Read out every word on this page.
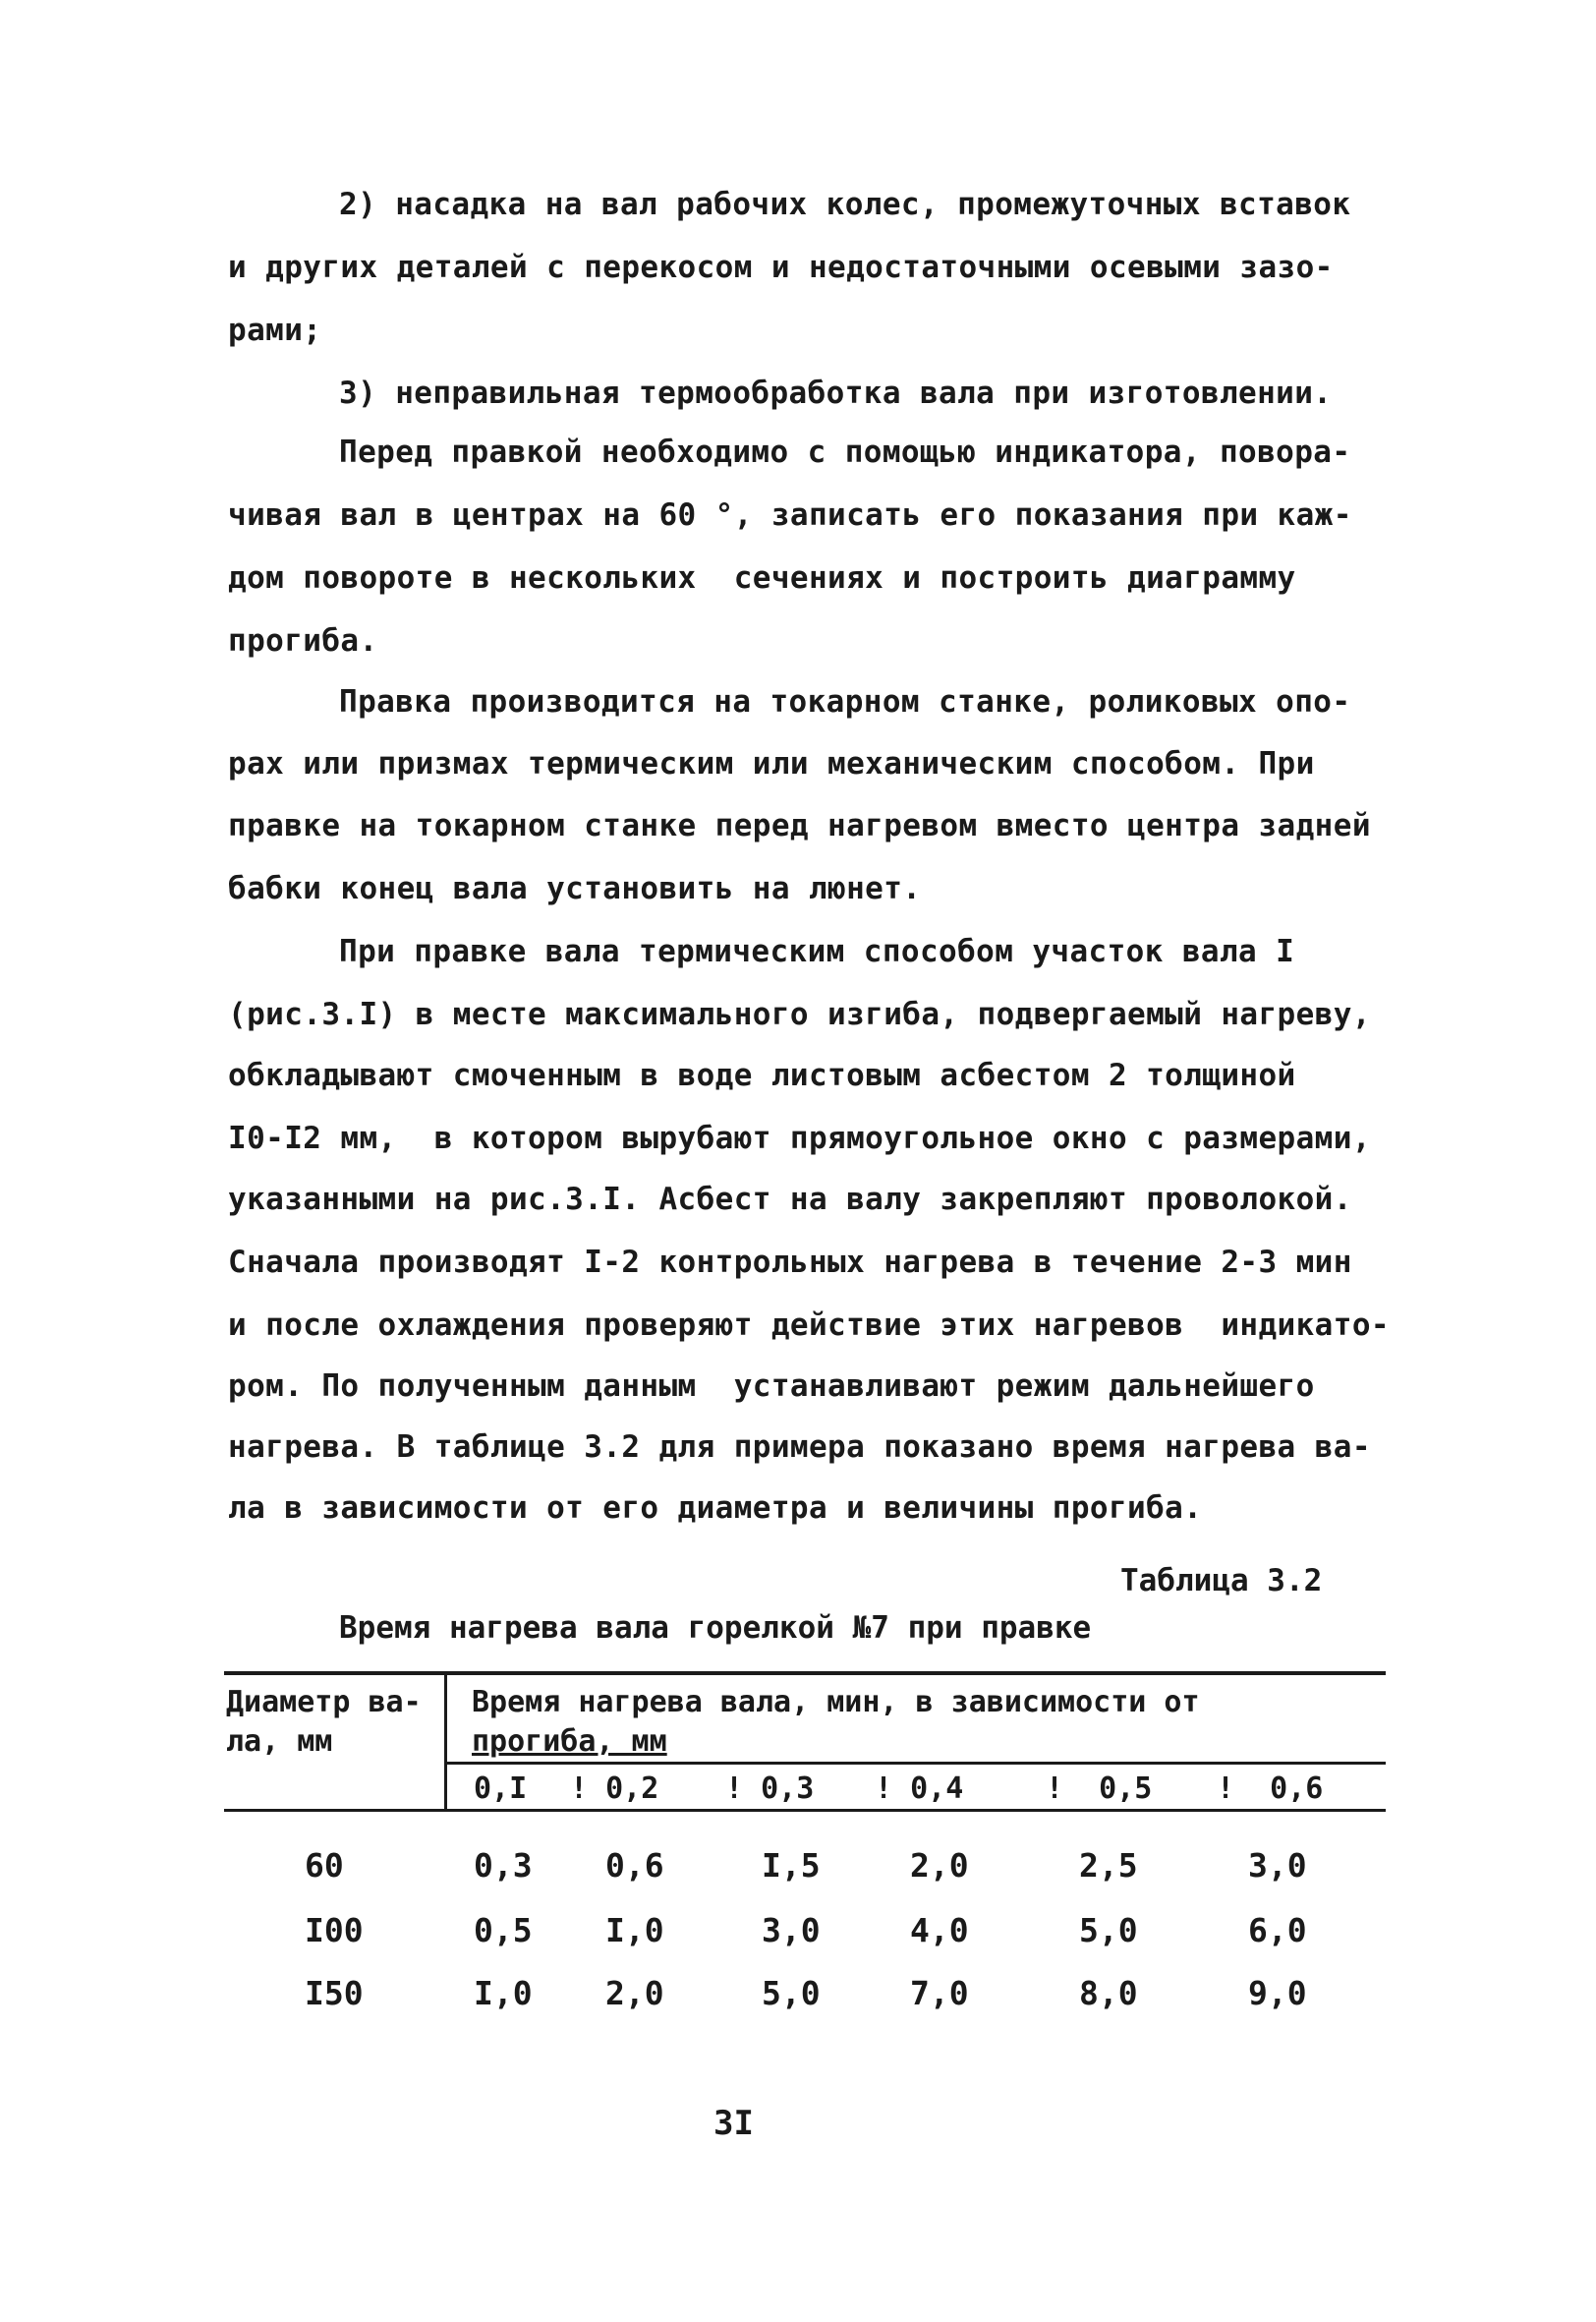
2) насадка на вал рабочих колес, промежуточных вставок
и других деталей с перекосом и недостаточными осевыми зазо-
рами;
3) неправильная термообработка вала при изготовлении.
Перед правкой необходимо с помощью индикатора, повора-
чивая вал в центрах на 60 °, записать его показания при каж-
дом повороте в нескольких  сечениях и построить диаграмму
прогиба.
Правка производится на токарном станке, роликовых опо-
рах или призмах термическим или механическим способом. При
правке на токарном станке перед нагревом вместо центра задней
бабки конец вала установить на люнет.
При правке вала термическим способом участок вала I
(рис.3.I) в месте максимального изгиба, подвергаемый нагреву,
обкладывают смоченным в воде листовым асбестом 2 толщиной
I0-I2 мм,  в котором вырубают прямоугольное окно с размерами,
указанными на рис.3.I. Асбест на валу закрепляют проволокой.
Сначала производят I-2 контрольных нагрева в течение 2-3 мин
и после охлаждения проверяют действие этих нагревов  индикато-
ром. По полученным данным  устанавливают режим дальнейшего
нагрева. В таблице 3.2 для примера показано время нагрева ва-
ла в зависимости от его диаметра и величины прогиба.
Таблица 3.2
Время нагрева вала горелкой №7 при правке
Диаметр ва-
ла, мм
Время нагрева вала, мин, в зависимости от
прогиба, мм
0,I ! 0,2 ! 0,3 ! 0,4	!  0,5 !  0,6
60	0,3 0,6	I,5	2,0	2,5	3,0
I00	0,5 I,0	3,0	4,0	5,0	6,0
I50	I,0 2,0	5,0	7,0	8,0	9,0
3I
